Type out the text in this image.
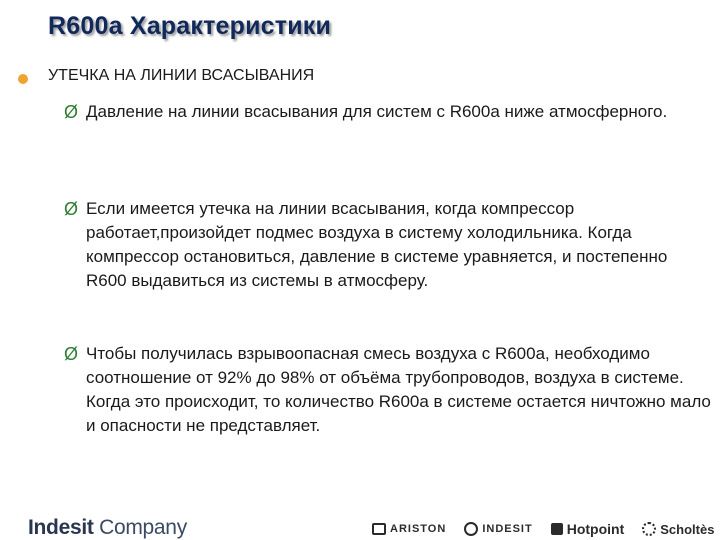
R600a Характеристики
УТЕЧКА НА ЛИНИИ ВСАСЫВАНИЯ
Ø Давление на линии всасывания для систем с R600a ниже атмосферного.
Ø Если имеется утечка на линии всасывания, когда компрессор работает,произойдет подмес воздуха в систему холодильника. Когда компрессор остановиться, давление в системе уравняется, и постепенно R600 выдавиться из системы в атмосферу.
Ø Чтобы получилась взрывоопасная смесь воздуха с R600a, необходимо соотношение от 92% до 98% от объёма трубопроводов, воздуха в системе. Когда это происходит, то количество R600a в системе остается ничтожно мало и опасности не представляет.
Indesit Company	ARISTON	INDESIT Hotpoint	Scholtès
